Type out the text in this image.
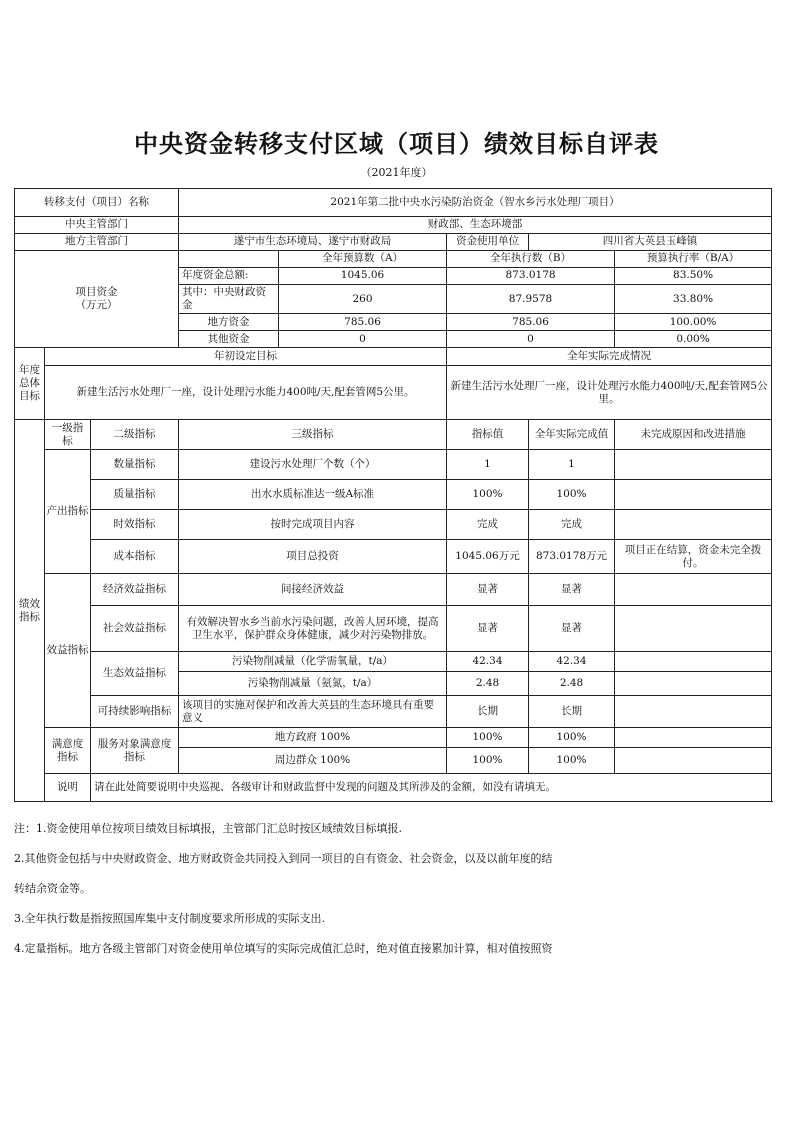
中央资金转移支付区域（项目）绩效目标自评表
（2021年度）
转移支付（项目）名称			2021年第二批中央水污染防治资金（智水乡污水处理厂项目）				
中央主管部门			财政部、生态环境部				
地方主管部门			遂宁市生态环境局、遂宁市财政局		资金使用单位	四川省大英县玉峰镇	
项目资金
（万元）				全年预算数（A）	全年执行数（B）		预算执行率（B/A）
			年度资金总额:	1045.06	873.0178		83.50%
			其中：中央财政资金	260	87.9578		33.80%
			地方资金	785.06	785.06		100.00%
			其他资金	0	0		0.00%
年度总体目标	年初设定目标				全年实际完成情况		
	新建生活污水处理厂一座，设计处理污水能力400吨/天,配套管网5公里。				新建生活污水处理厂一座，设计处理污水能力400吨/天,配套管网5公里。		
绩效指标	一级指标	二级指标	三级指标		指标值	全年实际完成值	未完成原因和改进措施
	产出指标	数量指标	建设污水处理厂个数（个）		1	1	
		质量指标	出水水质标准达一级A标准		100%	100%	
		时效指标	按时完成项目内容		完成	完成	
		成本指标	项目总投资		1045.06万元	873.0178万元	项目正在结算，资金未完全拨付。
	效益指标	经济效益指标	间接经济效益		显著	显著	
		社会效益指标	有效解决智水乡当前水污染问题，改善人居环境，提高卫生水平，保护群众身体健康，减少对污染物排放。		显著	显著	
		生态效益指标	污染物削减量（化学需氧量，t/a）		42.34	42.34	
			污染物削减量（氨氮，t/a）		2.48	2.48	
		可持续影响指标	该项目的实施对保护和改善大英县的生态环境具有重要意义		长期	长期	
	满意度指标	服务对象满意度指标	地方政府 100%		100%	100%	
			周边群众 100%		100%	100%	
	说明	请在此处简要说明中央巡视、各级审计和财政监督中发现的问题及其所涉及的金额，如没有请填无。					

注：1.资金使用单位按项目绩效目标填报，主管部门汇总时按区域绩效目标填报.

2.其他资金包括与中央财政资金、地方财政资金共同投入到同一项目的自有资金、社会资金，以及以前年度的结

转结余资金等。

3.全年执行数是指按照国库集中支付制度要求所形成的实际支出.

4.定量指标。地方各级主管部门对资金使用单位填写的实际完成值汇总时，绝对值直接累加计算，相对值按照资
